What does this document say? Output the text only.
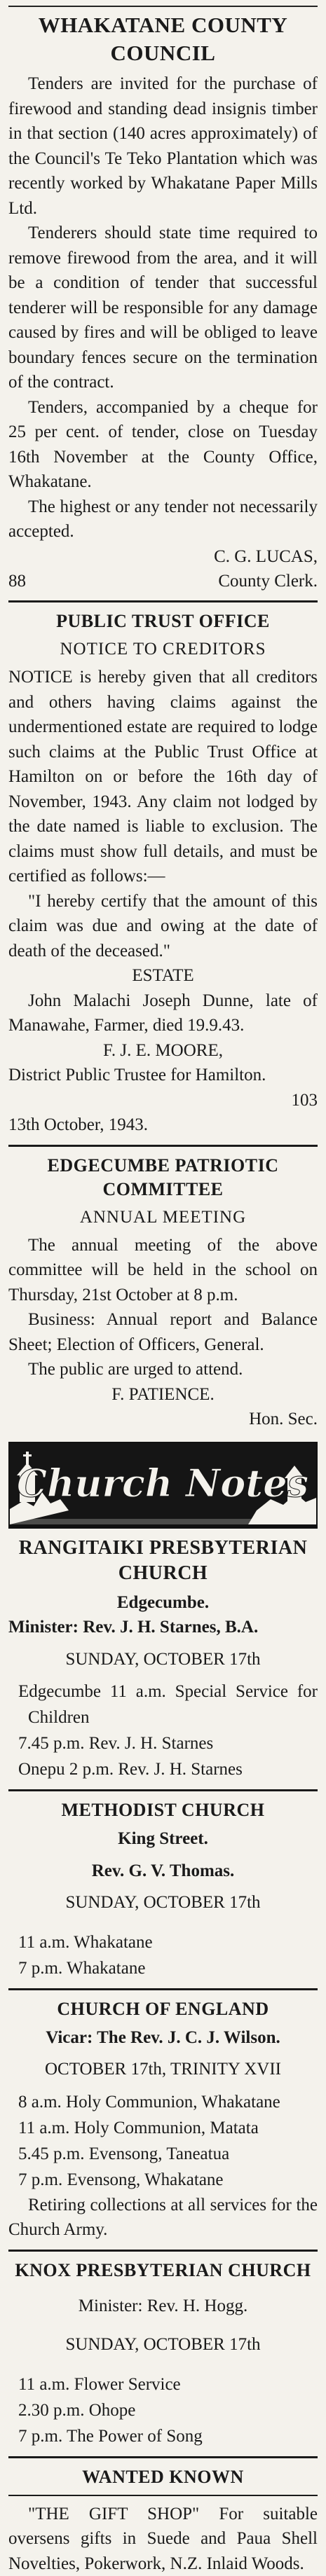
WHAKATANE COUNTY COUNCIL

Tenders are invited for the purchase of firewood and standing dead insignis timber in that section (140 acres approximately) of the Council's Te Teko Plantation which was recently worked by Whakatane Paper Mills Ltd.

Tenderers should state time required to remove firewood from the area, and it will be a condition of tender that successful tenderer will be responsible for any damage caused by fires and will be obliged to leave boundary fences secure on the termination of the contract.

Tenders, accompanied by a cheque for 25 per cent. of tender, close on Tuesday 16th November at the County Office, Whakatane.

The highest or any tender not necessarily accepted.

C. G. LUCAS,

88	County Clerk.
PUBLIC TRUST OFFICE
NOTICE TO CREDITORS

NOTICE is hereby given that all creditors and others having claims against the undermentioned estate are required to lodge such claims at the Public Trust Office at Hamilton on or before the 16th day of November, 1943. Any claim not lodged by the date named is liable to exclusion. The claims must show full details, and must be certified as follows:—

"I hereby certify that the amount of this claim was due and owing at the date of death of the deceased."

ESTATE

John Malachi Joseph Dunne, late of Manawahe, Farmer, died 19.9.43.

F. J. E. MOORE,

District Public Trustee for Hamilton.

103

13th October, 1943.

EDGECUMBE PATRIOTIC COMMITTEE
ANNUAL MEETING

The annual meeting of the above committee will be held in the school on Thursday, 21st October at 8 p.m.

Business: Annual report and Balance Sheet; Election of Officers, General.

The public are urged to attend.

F. PATIENCE.

Hon. Sec.

Church Notes
RANGITAIKI PRESBYTERIAN CHURCH

Edgecumbe.

Minister: Rev. J. H. Starnes, B.A.

SUNDAY, OCTOBER 17th

Edgecumbe 11 a.m. Special Service for Children

7.45 p.m. Rev. J. H. Starnes

Onepu 2 p.m. Rev. J. H. Starnes

METHODIST CHURCH

King Street.

Rev. G. V. Thomas.

SUNDAY, OCTOBER 17th

11 a.m. Whakatane

7 p.m. Whakatane

CHURCH OF ENGLAND

Vicar: The Rev. J. C. J. Wilson.

OCTOBER 17th, TRINITY XVII

8 a.m. Holy Communion, Whakatane

11 a.m. Holy Communion, Matata

5.45 p.m. Evensong, Taneatua

7 p.m. Evensong, Whakatane

Retiring collections at all services for the Church Army.

KNOX PRESBYTERIAN CHURCH

Minister: Rev. H. Hogg.

SUNDAY, OCTOBER 17th

11 a.m. Flower Service

2.30 p.m. Ohope

7 p.m. The Power of Song

WANTED KNOWN

"THE GIFT SHOP" For suitable oversens gifts in Suede and Paua Shell Novelties, Pokerwork, N.Z. Inlaid Woods.
